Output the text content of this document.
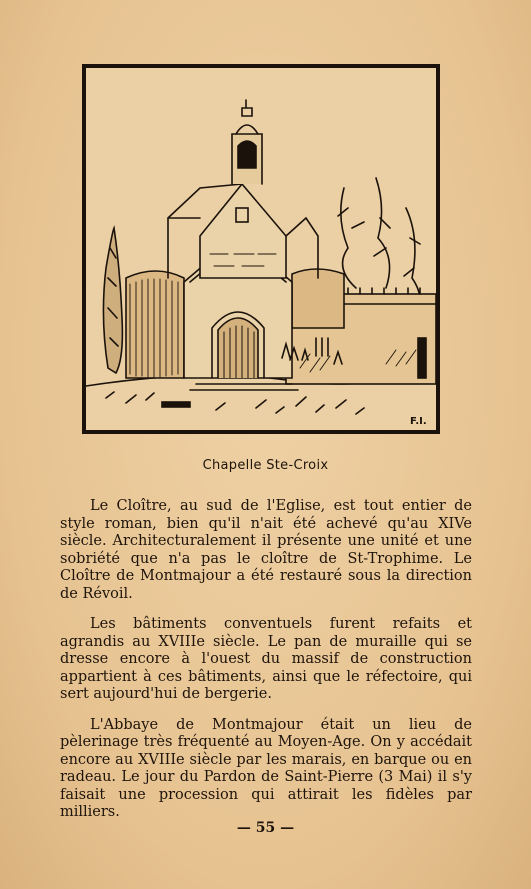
F.I.
Chapelle Ste-Croix

Le Cloître, au sud de l'Eglise, est tout entier de style roman, bien qu'il n'ait été achevé qu'au XIVe siècle. Architecturalement il présente une unité et une sobriété que n'a pas le cloître de St-Trophime. Le Cloître de Montmajour a été restauré sous la direction de Révoil.

Les bâtiments conventuels furent refaits et agrandis au XVIIIe siècle. Le pan de muraille qui se dresse encore à l'ouest du massif de construction appartient à ces bâtiments, ainsi que le réfectoire, qui sert aujourd'hui de bergerie.

L'Abbaye de Montmajour était un lieu de pèlerinage très fréquenté au Moyen-Age. On y accédait encore au XVIIIe siècle par les marais, en barque ou en radeau. Le jour du Pardon de Saint-Pierre (3 Mai) il s'y faisait une procession qui attirait les fidèles par milliers.

— 55 —
